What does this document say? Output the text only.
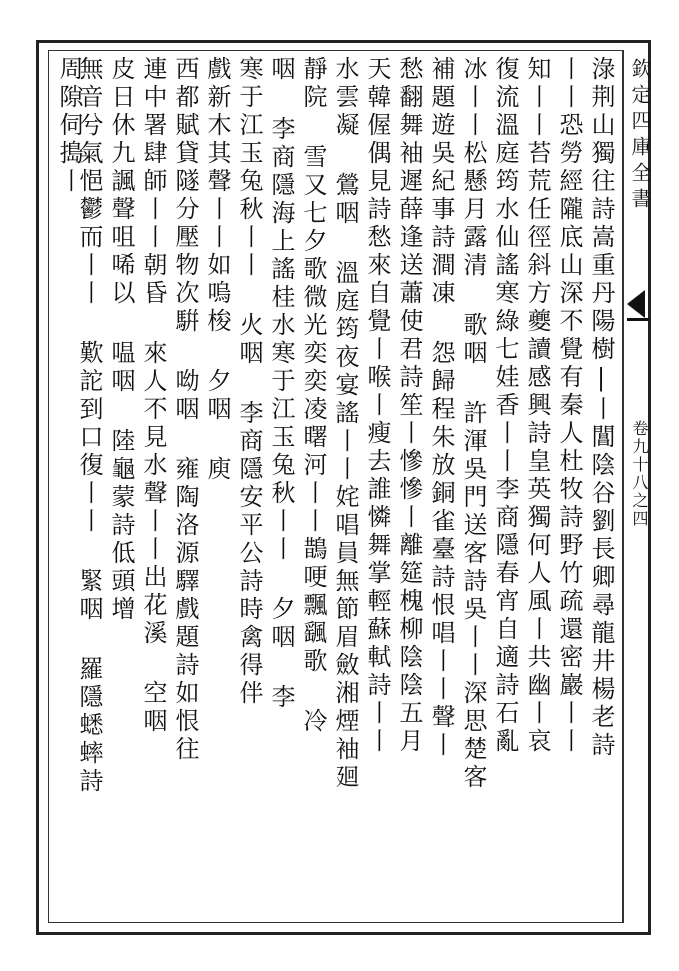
欽定四庫全書
卷九十八之四
淥荆山獨往詩嵩重丹陽樹|丨閶陰谷劉長卿尋龍井楊老詩
丨丨恐勞經隴底山深不覺有秦人杜牧詩野竹疏還密巖丨丨
知丨丨苔荒任徑斜方夔讀感興詩皇英獨何人風丨共幽丨哀
復流溫庭筠水仙謠寒綠七娃香丨丨李商隱春宵自適詩石亂
冰丨丨松懸月露清 歌咽 許渾吳門送客詩吳丨丨深思楚客
補題遊吳紀事詩澗凍 怨歸程朱放銅雀臺詩恨唱丨丨聲丨
愁翻舞袖遲薛逢送蕭使君詩笙丨慘慘丨離筵槐柳陰陰五月
天韓偓偶見詩愁來自覺丨喉丨瘦去誰憐舞掌輕蘇軾詩丨丨
水雲凝 鶯咽 溫庭筠夜宴謠丨丨姹唱員無節眉斂湘煙袖廻
靜院 雪又七夕歌微光奕奕凌曙河丨丨鵲哽飄颻歌 冷
咽 李商隱海上謠桂水寒于江玉兔秋丨丨 夕咽 李
寒于江玉兔秋丨丨 火咽 李商隱安平公詩時禽得伴
戲新木其聲丨丨如嗚梭 夕咽 庾
西都賦貸隧分壓物次騈 呦咽 雍陶洛源驛戲題詩如恨往
連中署肆師丨丨朝昏 來人不見水聲丨丨出花溪 空咽
皮日休九諷聲咀唏以 嗢咽 陸龜蒙詩低頭增
無音兮氣悒鬱而丨丨 歎詑到口復丨丨 緊咽 羅隱蟋蟀詩
周隙伺搗丨
